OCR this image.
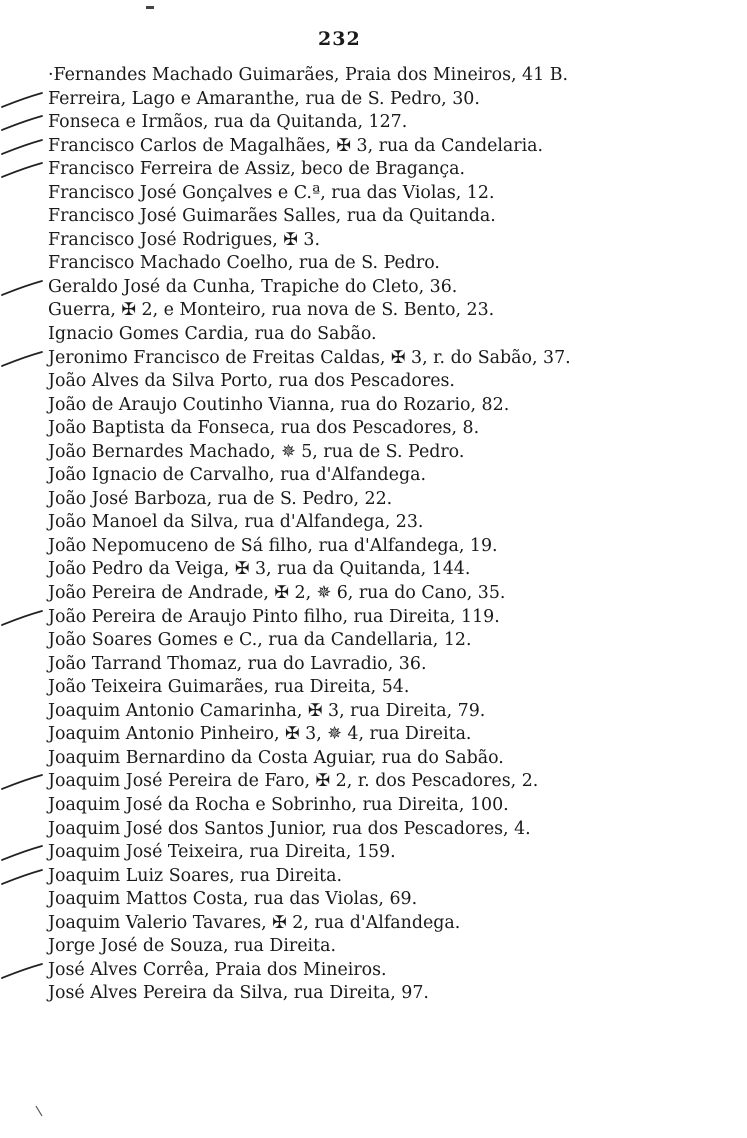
232
·Fernandes Machado Guimarães, Praia dos Mineiros, 41 B.
Ferreira, Lago e Amaranthe, rua de S. Pedro, 30.
Fonseca e Irmãos, rua da Quitanda, 127.
Francisco Carlos de Magalhães, ✠ 3, rua da Candelaria.
Francisco Ferreira de Assiz, beco de Bragança.
Francisco José Gonçalves e C.ª, rua das Violas, 12.
Francisco José Guimarães Salles, rua da Quitanda.
Francisco José Rodrigues, ✠ 3.
Francisco Machado Coelho, rua de S. Pedro.
Geraldo José da Cunha, Trapiche do Cleto, 36.
Guerra, ✠ 2, e Monteiro, rua nova de S. Bento, 23.
Ignacio Gomes Cardia, rua do Sabão.
Jeronimo Francisco de Freitas Caldas, ✠ 3, r. do Sabão, 37.
João Alves da Silva Porto, rua dos Pescadores.
João de Araujo Coutinho Vianna, rua do Rozario, 82.
João Baptista da Fonseca, rua dos Pescadores, 8.
João Bernardes Machado, ✵ 5, rua de S. Pedro.
João Ignacio de Carvalho, rua d'Alfandega.
João José Barboza, rua de S. Pedro, 22.
João Manoel da Silva, rua d'Alfandega, 23.
João Nepomuceno de Sá filho, rua d'Alfandega, 19.
João Pedro da Veiga, ✠ 3, rua da Quitanda, 144.
João Pereira de Andrade, ✠ 2, ✵ 6, rua do Cano, 35.
João Pereira de Araujo Pinto filho, rua Direita, 119.
João Soares Gomes e C., rua da Candellaria, 12.
João Tarrand Thomaz, rua do Lavradio, 36.
João Teixeira Guimarães, rua Direita, 54.
Joaquim Antonio Camarinha, ✠ 3, rua Direita, 79.
Joaquim Antonio Pinheiro, ✠ 3, ✵ 4, rua Direita.
Joaquim Bernardino da Costa Aguiar, rua do Sabão.
Joaquim José Pereira de Faro, ✠ 2, r. dos Pescadores, 2.
Joaquim José da Rocha e Sobrinho, rua Direita, 100.
Joaquim José dos Santos Junior, rua dos Pescadores, 4.
Joaquim José Teixeira, rua Direita, 159.
Joaquim Luiz Soares, rua Direita.
Joaquim Mattos Costa, rua das Violas, 69.
Joaquim Valerio Tavares, ✠ 2, rua d'Alfandega.
Jorge José de Souza, rua Direita.
José Alves Corrêa, Praia dos Mineiros.
José Alves Pereira da Silva, rua Direita, 97.
